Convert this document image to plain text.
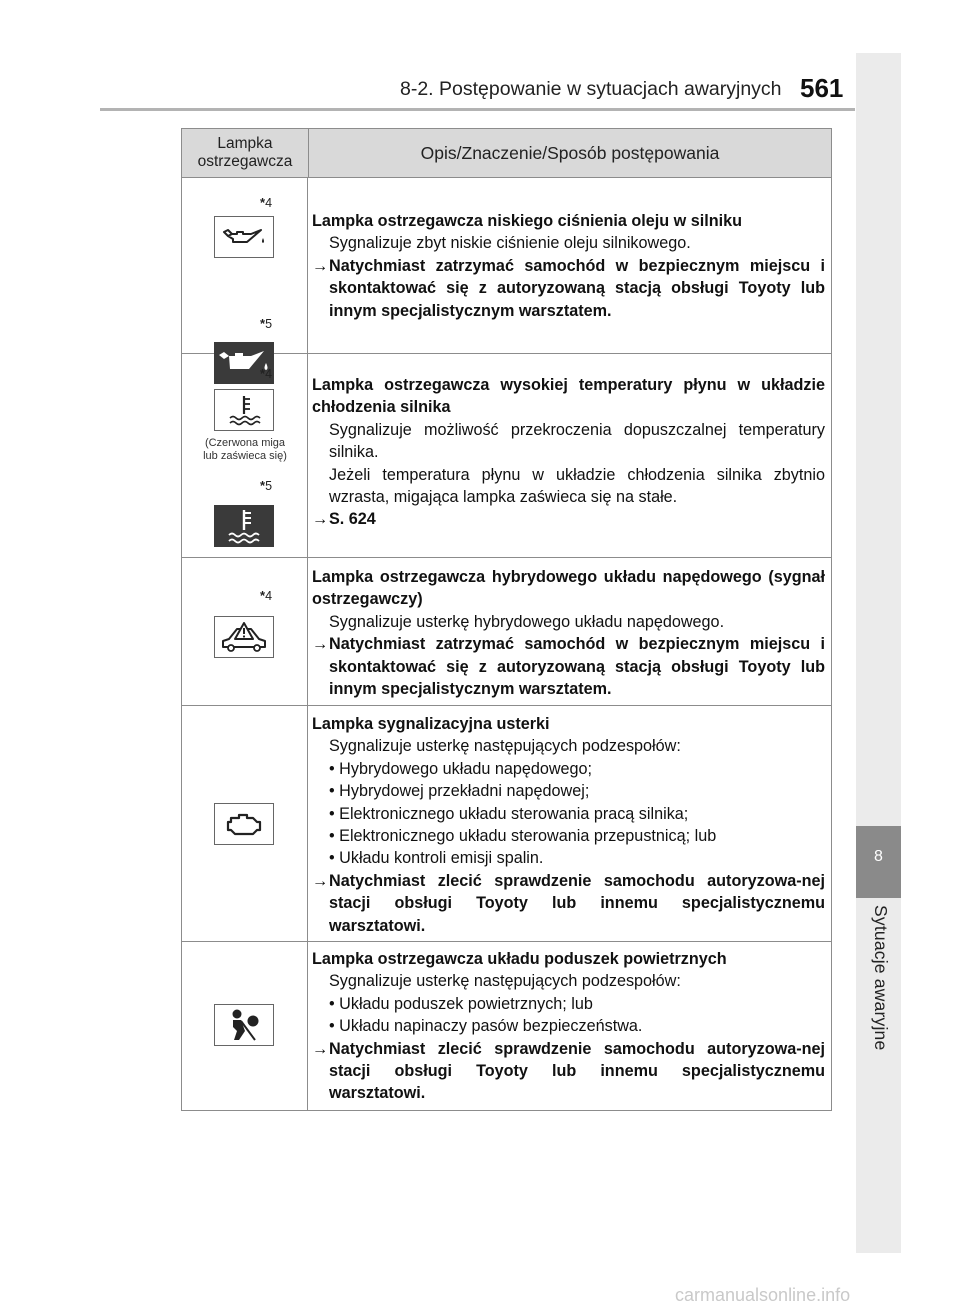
8-2. Postępowanie w sytuacjach awaryjnych 561
8
Sytuacje awaryjne
Lampka
ostrzegawcza	Opis/Znaczenie/Sposób postępowania
*4
*5
Lampka ostrzegawcza niskiego ciśnienia oleju w silniku
Sygnalizuje zbyt niskie ciśnienie oleju silnikowego.
→ Natychmiast zatrzymać samochód w bezpiecznym miejscu i skontaktować się z autoryzowaną stacją obsługi Toyoty lub innym specjalistycznym warsztatem.
*4
(Czerwona miga
lub zaświeca się)
*5
Lampka ostrzegawcza wysokiej temperatury płynu w układzie chłodzenia silnika
Sygnalizuje możliwość przekroczenia dopuszczalnej temperatury silnika.
Jeżeli temperatura płynu w układzie chłodzenia silnika zbytnio wzrasta, migająca lampka zaświeca się na stałe.
→ S. 624
*4
Lampka ostrzegawcza hybrydowego układu napędowego (sygnał ostrzegawczy)
Sygnalizuje usterkę hybrydowego układu napędowego.
→ Natychmiast zatrzymać samochód w bezpiecznym miejscu i skontaktować się z autoryzowaną stacją obsługi Toyoty lub innym specjalistycznym warsztatem.
Lampka sygnalizacyjna usterki
Sygnalizuje usterkę następujących podzespołów:
• Hybrydowego układu napędowego;
• Hybrydowej przekładni napędowej;
• Elektronicznego układu sterowania pracą silnika;
• Elektronicznego układu sterowania przepustnicą; lub
• Układu kontroli emisji spalin.
→ Natychmiast zlecić sprawdzenie samochodu autoryzowa-nej stacji obsługi Toyoty lub innemu specjalistycznemu warsztatowi.
Lampka ostrzegawcza układu poduszek powietrznych
Sygnalizuje usterkę następujących podzespołów:
• Układu poduszek powietrznych; lub
• Układu napinaczy pasów bezpieczeństwa.
→ Natychmiast zlecić sprawdzenie samochodu autoryzowa-nej stacji obsługi Toyoty lub innemu specjalistycznemu warsztatowi.
carmanualsonline.info
